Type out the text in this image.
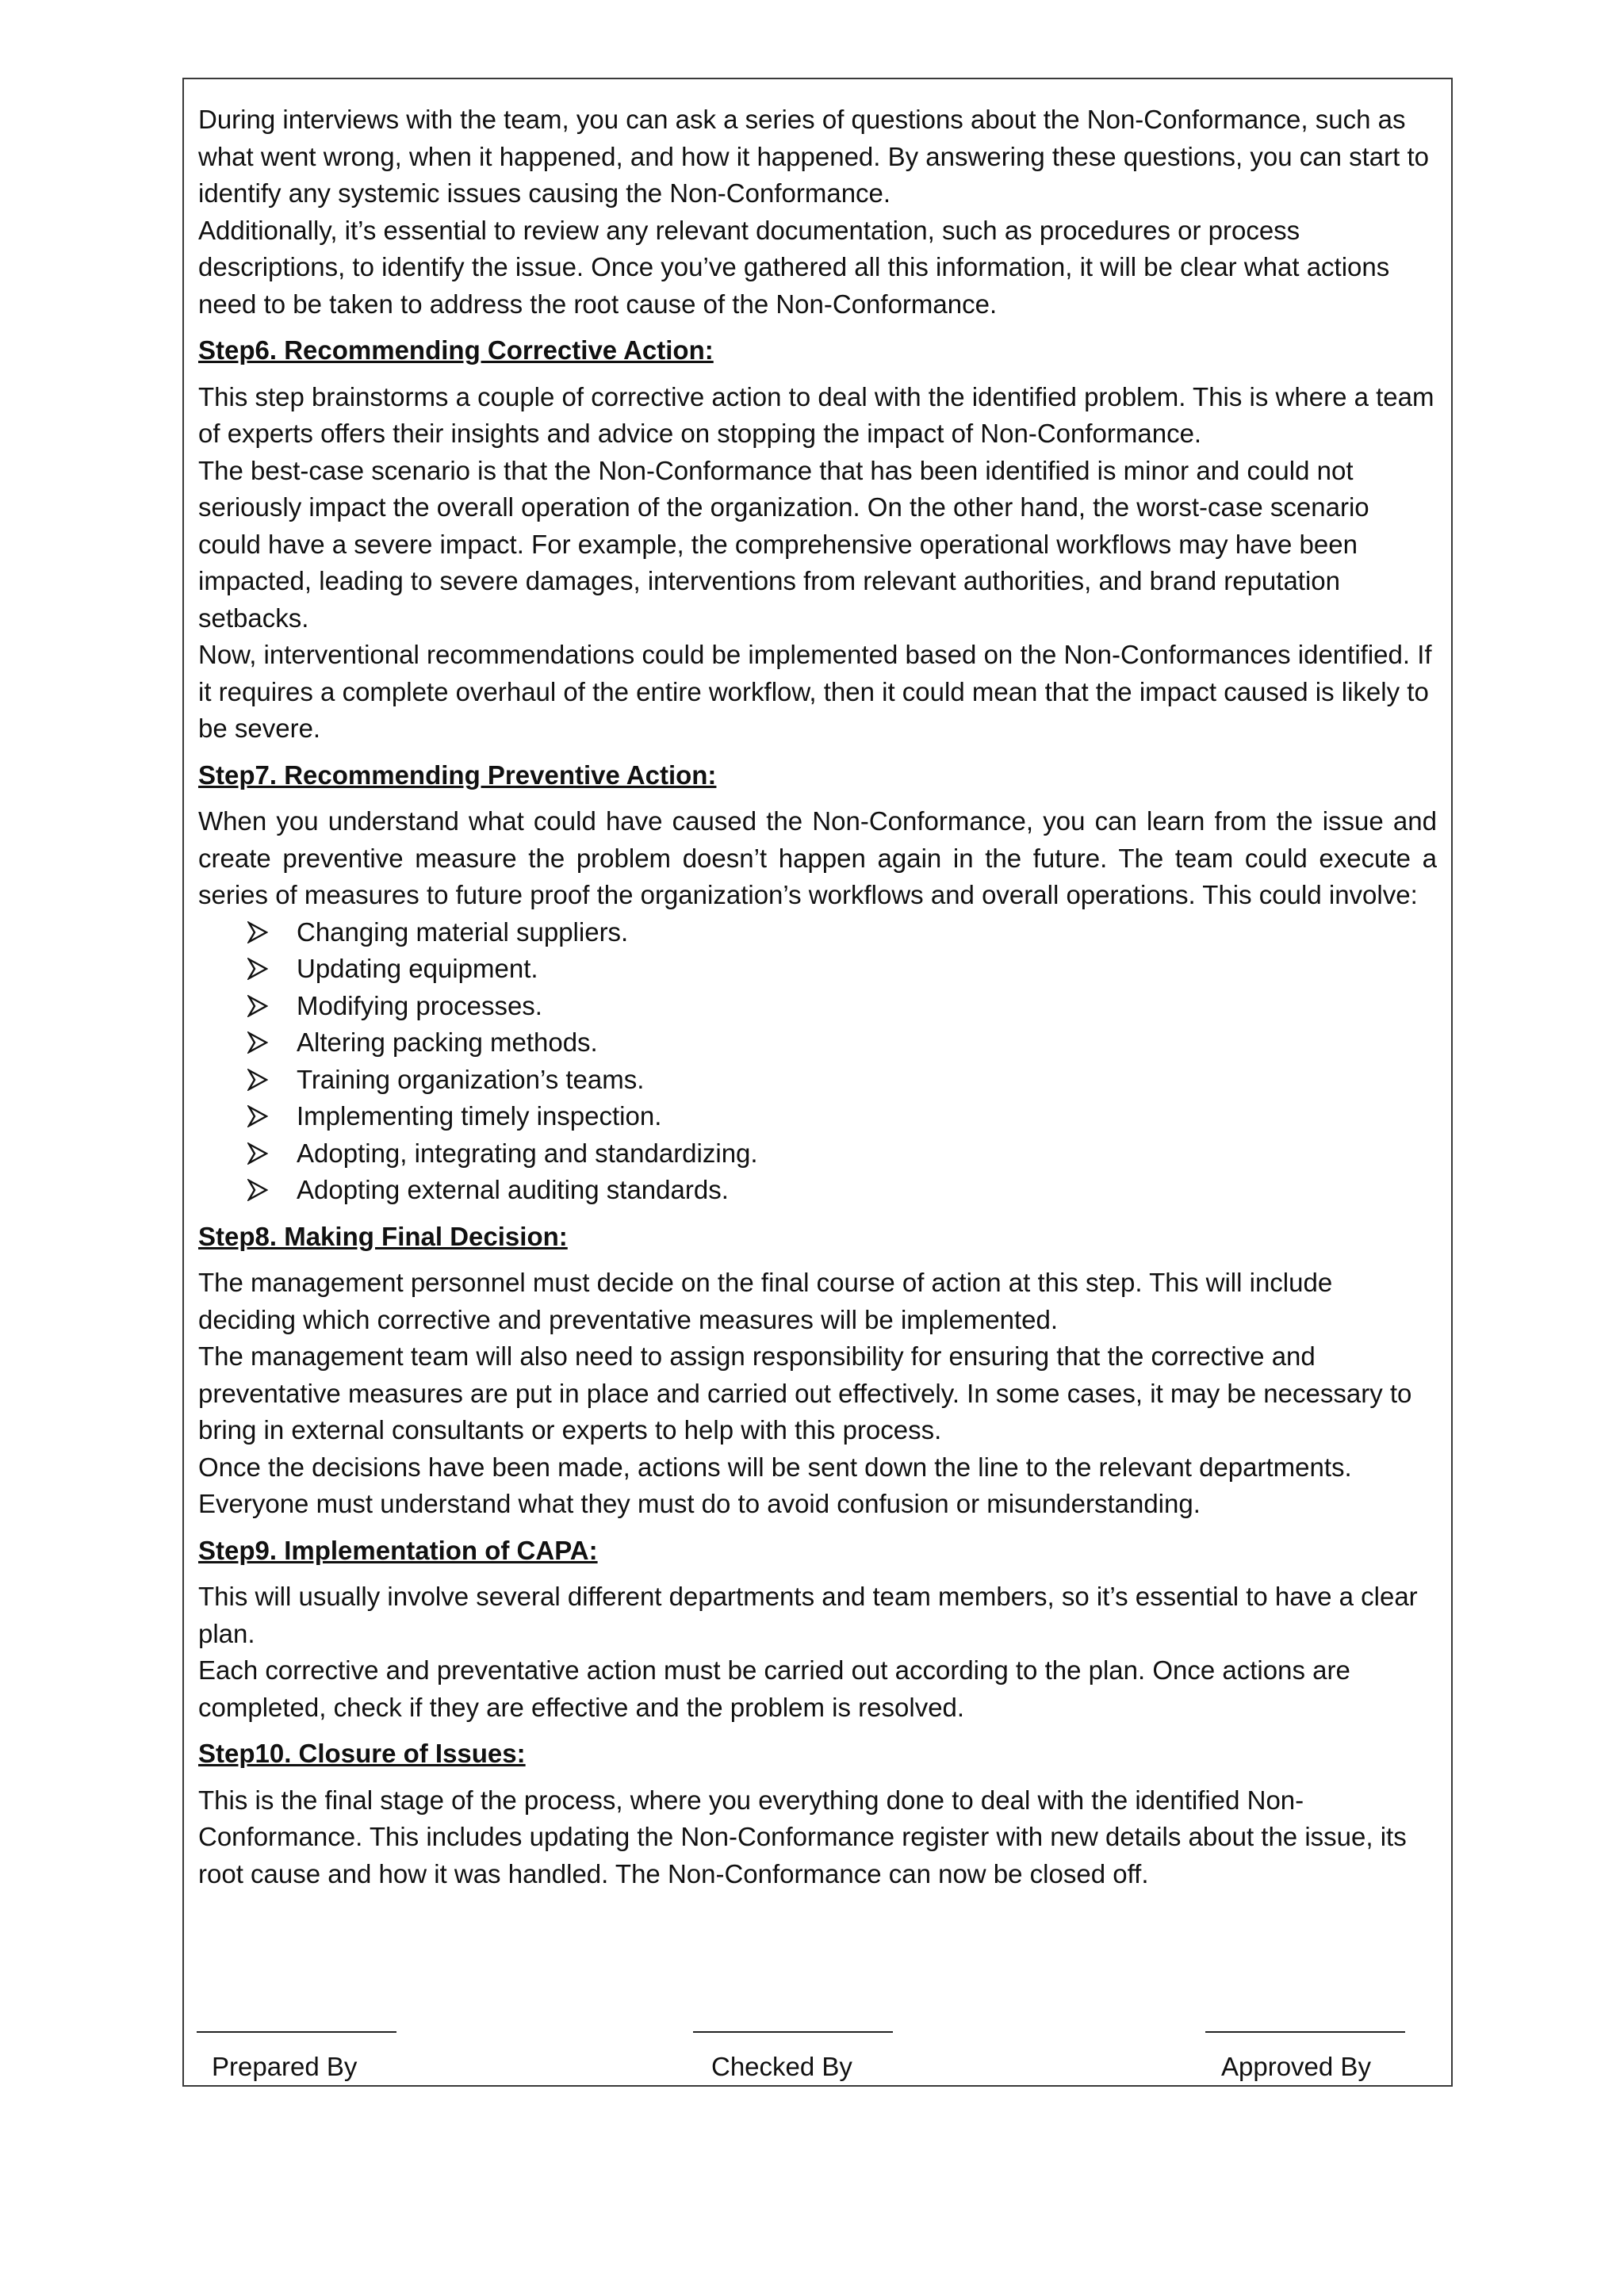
During interviews with the team, you can ask a series of questions about the Non-Conformance, such as what went wrong, when it happened, and how it happened. By answering these questions, you can start to identify any systemic issues causing the Non-Conformance.

Additionally, it’s essential to review any relevant documentation, such as procedures or process descriptions, to identify the issue. Once you’ve gathered all this information, it will be clear what actions need to be taken to address the root cause of the Non-Conformance.

Step6. Recommending Corrective Action:

This step brainstorms a couple of corrective action to deal with the identified problem. This is where a team of experts offers their insights and advice on stopping the impact of Non-Conformance.

The best-case scenario is that the Non-Conformance that has been identified is minor and could not seriously impact the overall operation of the organization. On the other hand, the worst-case scenario could have a severe impact. For example, the comprehensive operational workflows may have been impacted, leading to severe damages, interventions from relevant authorities, and brand reputation setbacks.

Now, interventional recommendations could be implemented based on the Non-Conformances identified. If it requires a complete overhaul of the entire workflow, then it could mean that the impact caused is likely to be severe.

Step7. Recommending Preventive Action:

When you understand what could have caused the Non-Conformance, you can learn from the issue and create preventive measure the problem doesn’t happen again in the future. The team could execute a series of measures to future proof the organization’s workflows and overall operations. This could involve:

Changing material suppliers.
Updating equipment.
Modifying processes.
Altering packing methods.
Training organization’s teams.
Implementing timely inspection.
Adopting, integrating and standardizing.
Adopting external auditing standards.
Step8. Making Final Decision:

The management personnel must decide on the final course of action at this step. This will include deciding which corrective and preventative measures will be implemented.

The management team will also need to assign responsibility for ensuring that the corrective and preventative measures are put in place and carried out effectively. In some cases, it may be necessary to bring in external consultants or experts to help with this process.

Once the decisions have been made, actions will be sent down the line to the relevant departments. Everyone must understand what they must do to avoid confusion or misunderstanding.

Step9. Implementation of CAPA:

This will usually involve several different departments and team members, so it’s essential to have a clear plan.

Each corrective and preventative action must be carried out according to the plan. Once actions are completed, check if they are effective and the problem is resolved.

Step10. Closure of Issues:

This is the final stage of the process, where you everything done to deal with the identified Non-Conformance. This includes updating the Non-Conformance register with new details about the issue, its root cause and how it was handled. The Non-Conformance can now be closed off.

Prepared By	Checked By	Approved By
